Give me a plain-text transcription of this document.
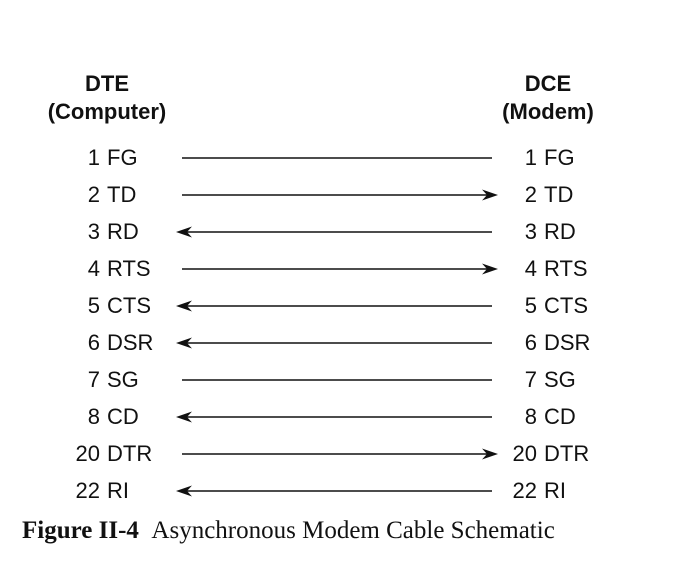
DTE
(Computer)
DCE
(Modem)
1 FG	1 FG
2 TD	2 TD
3 RD	3 RD
4 RTS	4 RTS
5 CTS	5 CTS
6 DSR	6 DSR
7 SG	7 SG
8 CD	8 CD
20 DTR	20 DTR
22 RI	22 RI
Figure II-4 Asynchronous Modem Cable Schematic
